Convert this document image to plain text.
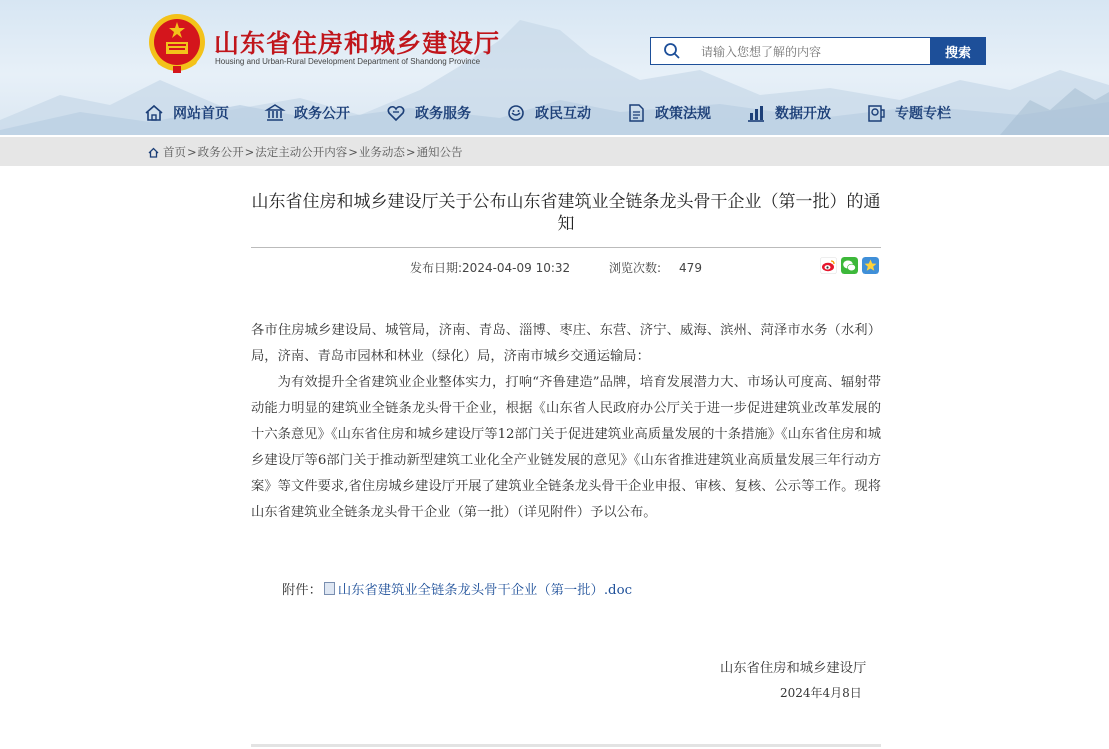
山东省住房和城乡建设厅
Housing and Urban-Rural Development Department of Shandong Province
请输入您想了解的内容
搜索
网站首页	政务公开	政务服务	政民互动	政策法规	数据开放	专题专栏
首页 > 政务公开 > 法定主动公开内容 > 业务动态 > 通知公告
山东省住房和城乡建设厅关于公布山东省建筑业全链条龙头骨干企业（第一批）的通知
发布日期:2024-04-09 10:32	浏览次数: 479

各市住房城乡建设局、城管局，济南、青岛、淄博、枣庄、东营、济宁、威海、滨州、菏泽市水务（水利）局，济南、青岛市园林和林业（绿化）局，济南市城乡交通运输局：

为有效提升全省建筑业企业整体实力，打响“齐鲁建造”品牌，培育发展潜力大、市场认可度高、辐射带动能力明显的建筑业全链条龙头骨干企业，根据《山东省人民政府办公厅关于进一步促进建筑业改革发展的十六条意见》《山东省住房和城乡建设厅等12部门关于促进建筑业高质量发展的十条措施》《山东省住房和城乡建设厅等6部门关于推动新型建筑工业化全产业链发展的意见》《山东省推进建筑业高质量发展三年行动方案》等文件要求,省住房城乡建设厅开展了建筑业全链条龙头骨干企业申报、审核、复核、公示等工作。现将山东省建筑业全链条龙头骨干企业（第一批）（详见附件）予以公布。

附件： 山东省建筑业全链条龙头骨干企业（第一批）.doc
山东省住房和城乡建设厅
2024年4月8日
